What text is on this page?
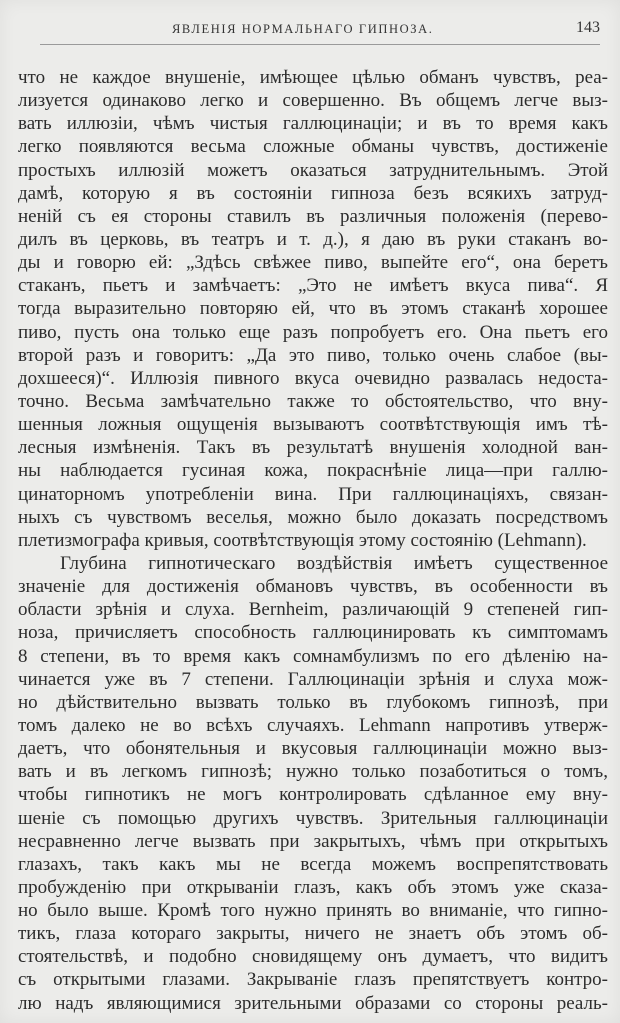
ЯВЛЕНІЯ НОРМАЛЬНАГО ГИПНОЗА.	143
что не каждое внушеніе, имѣющее цѣлью обманъ чувствъ, реа-
лизуется одинаково легко и совершенно. Въ общемъ легче выз-
вать иллюзіи, чѣмъ чистыя галлюцинаціи; и въ то время какъ
легко появляются весьма сложные обманы чувствъ, достиженіе
простыхъ иллюзій можетъ оказаться затруднительнымъ. Этой
дамѣ, которую я въ состояніи гипноза безъ всякихъ затруд-
неній съ ея стороны ставилъ въ различныя положенія (перево-
дилъ въ церковь, въ театръ и т. д.), я даю въ руки стаканъ во-
ды и говорю ей: „Здѣсь свѣжее пиво, выпейте его“, она беретъ
стаканъ, пьетъ и замѣчаетъ: „Это не имѣетъ вкуса пива“. Я
тогда выразительно повторяю ей, что въ этомъ стаканѣ хорошее
пиво, пусть она только еще разъ попробуетъ его. Она пьетъ его
второй разъ и говоритъ: „Да это пиво, только очень слабое (вы-
дохшееся)“. Иллюзія пивного вкуса очевидно развалась недоста-
точно. Весьма замѣчательно также то обстоятельство, что вну-
шенныя ложныя ощущенія вызываютъ соотвѣтствующія имъ тѣ-
лесныя измѣненія. Такъ въ результатѣ внушенія холодной ван-
ны наблюдается гусиная кожа, покраснѣніе лица—при галлю-
цинаторномъ употребленіи вина. При галлюцинаціяхъ, связан-
ныхъ съ чувствомъ веселья, можно было доказать посредствомъ
плетизмографа кривыя, соотвѣтствующія этому состоянію (Lehmann).
Глубина гипнотическаго воздѣйствія имѣетъ существенное
значеніе для достиженія обмановъ чувствъ, въ особенности въ
области зрѣнія и слуха. Bernheim, различающій 9 степеней гип-
ноза, причисляетъ способность галлюцинировать къ симптомамъ
8 степени, въ то время какъ сомнамбулизмъ по его дѣленію на-
чинается уже въ 7 степени. Галлюцинаціи зрѣнія и слуха мож-
но дѣйствительно вызвать только въ глубокомъ гипнозѣ, при
томъ далеко не во всѣхъ случаяхъ. Lehmann напротивъ утверж-
даетъ, что обонятельныя и вкусовыя галлюцинаціи можно выз-
вать и въ легкомъ гипнозѣ; нужно только позаботиться о томъ,
чтобы гипнотикъ не могъ контролировать сдѣланное ему вну-
шеніе съ помощью другихъ чувствъ. Зрительныя галлюцинаціи
несравненно легче вызвать при закрытыхъ, чѣмъ при открытыхъ
глазахъ, такъ какъ мы не всегда можемъ воспрепятствовать
пробужденію при открываніи глазъ, какъ объ этомъ уже сказа-
но было выше. Кромѣ того нужно принять во вниманіе, что гипно-
тикъ, глаза котораго закрыты, ничего не знаетъ объ этомъ об-
стоятельствѣ, и подобно сновидящему онъ думаетъ, что видитъ
съ открытыми глазами. Закрываніе глазъ препятствуетъ контро-
лю надъ являющимися зрительными образами со стороны реаль-
